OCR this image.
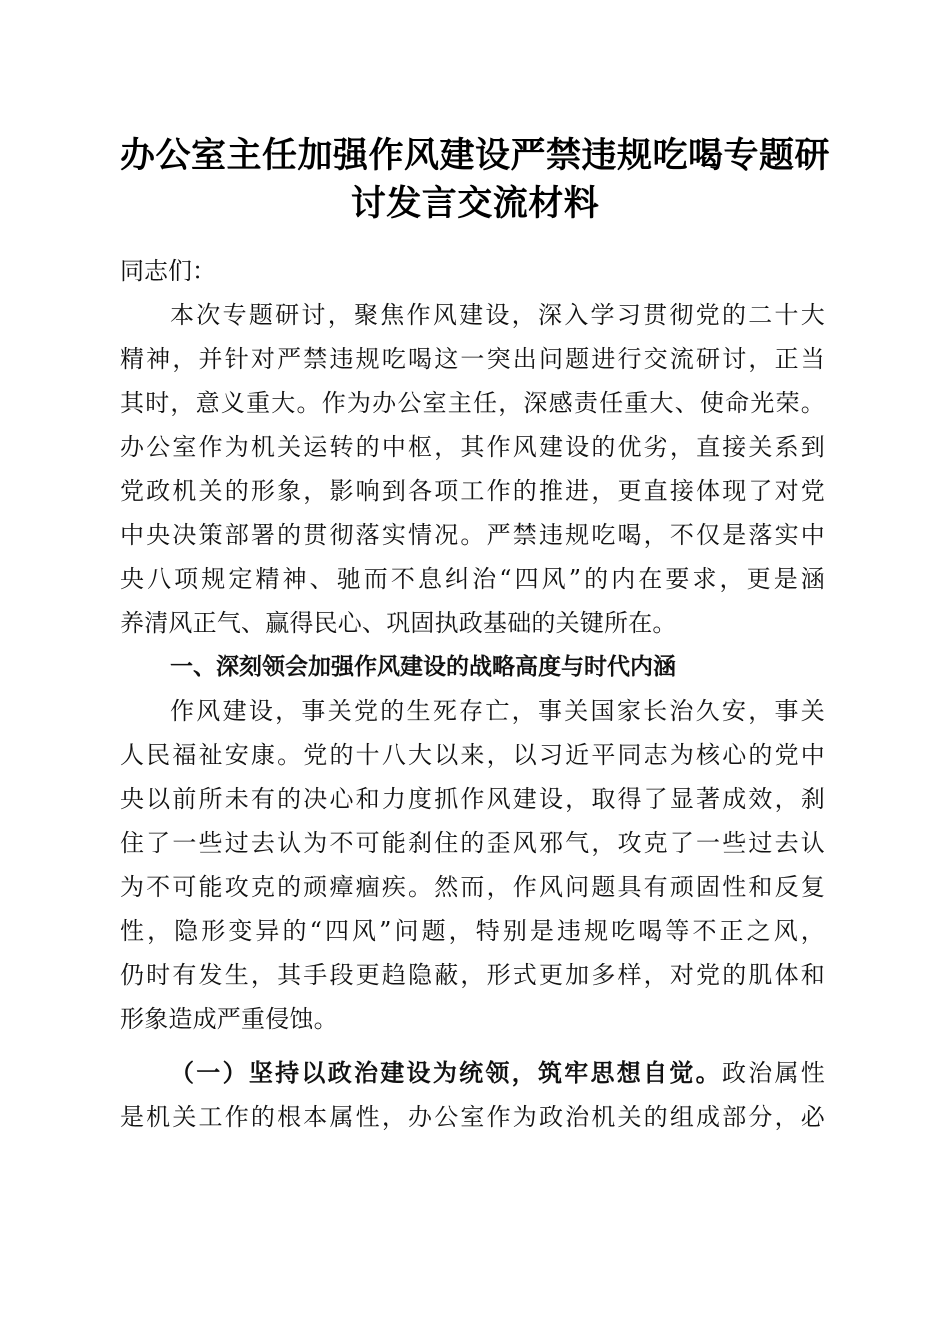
办公室主任加强作风建设严禁违规吃喝专题研
讨发言交流材料

同志们：

本次专题研讨，聚焦作风建设，深入学习贯彻党的二十大
精神，并针对严禁违规吃喝这一突出问题进行交流研讨，正当
其时，意义重大。作为办公室主任，深感责任重大、使命光荣。
办公室作为机关运转的中枢，其作风建设的优劣，直接关系到
党政机关的形象，影响到各项工作的推进，更直接体现了对党
中央决策部署的贯彻落实情况。严禁违规吃喝，不仅是落实中
央八项规定精神、驰而不息纠治“四风”的内在要求，更是涵
养清风正气、赢得民心、巩固执政基础的关键所在。

一、深刻领会加强作风建设的战略高度与时代内涵

作风建设，事关党的生死存亡，事关国家长治久安，事关
人民福祉安康。党的十八大以来，以习近平同志为核心的党中
央以前所未有的决心和力度抓作风建设，取得了显著成效，刹
住了一些过去认为不可能刹住的歪风邪气，攻克了一些过去认
为不可能攻克的顽瘴痼疾。然而，作风问题具有顽固性和反复
性，隐形变异的“四风”问题，特别是违规吃喝等不正之风，
仍时有发生，其手段更趋隐蔽，形式更加多样，对党的肌体和
形象造成严重侵蚀。

（一）坚持以政治建设为统领，筑牢思想自觉。政治属性
是机关工作的根本属性，办公室作为政治机关的组成部分，必
